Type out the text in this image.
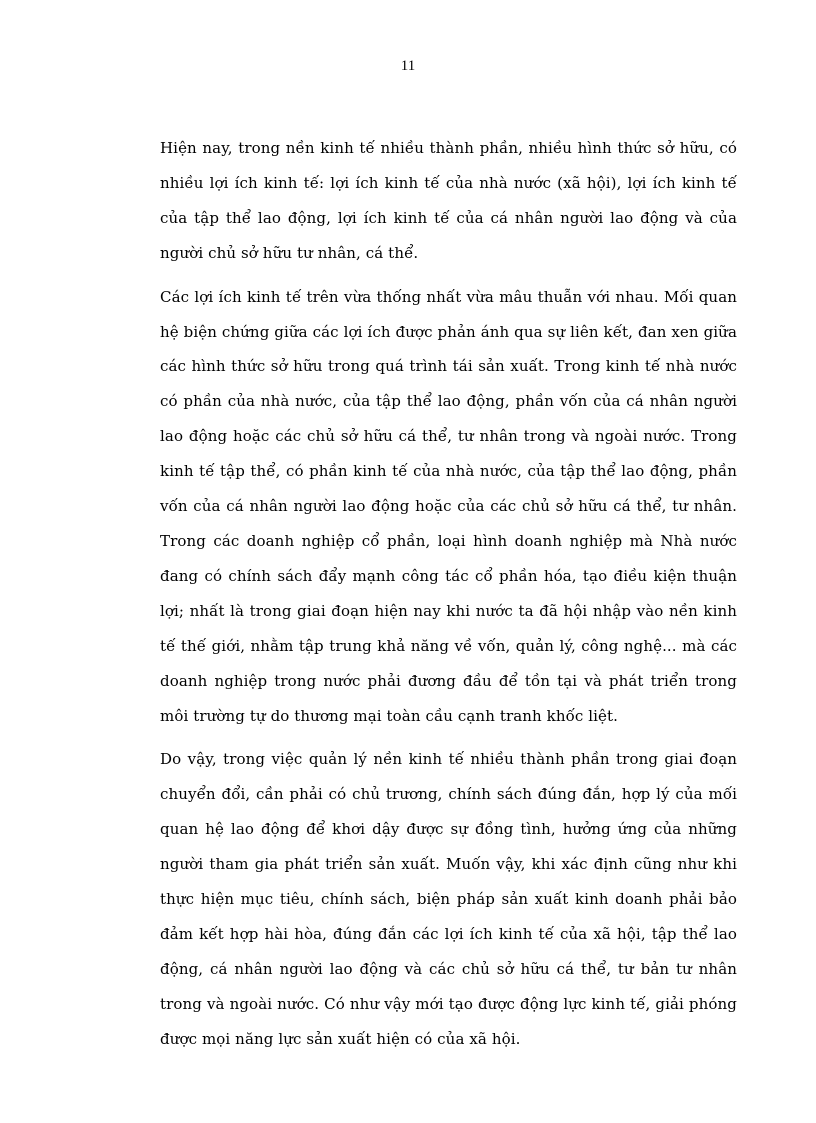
11

Hiện nay, trong nền kinh tế nhiều thành phần, nhiều hình thức sở hữu, có nhiều lợi ích kinh tế: lợi ích kinh tế của nhà nước (xã hội), lợi ích kinh tế của tập thể lao động, lợi ích kinh tế của cá nhân người lao động và của người chủ sở hữu tư nhân, cá thể.

Các lợi ích kinh tế trên vừa thống nhất vừa mâu thuẫn với nhau. Mối quan hệ biện chứng giữa các lợi ích được phản ánh qua sự liên kết, đan xen giữa các hình thức sở hữu trong quá trình tái sản xuất. Trong kinh tế nhà nước có phần của nhà nước, của tập thể lao động, phần vốn của cá nhân người lao động hoặc các chủ sở hữu cá thể, tư nhân trong và ngoài nước. Trong kinh tế tập thể, có phần kinh tế của nhà nước, của tập thể lao động, phần vốn của cá nhân người lao động hoặc của các chủ sở hữu cá thể, tư nhân. Trong các doanh nghiệp cổ phần, loại hình doanh nghiệp mà Nhà nước đang có chính sách đẩy mạnh công tác cổ phần hóa, tạo điều kiện thuận lợi; nhất là trong giai đoạn hiện nay khi nước ta đã hội nhập vào nền kinh tế thế giới, nhằm tập trung khả năng về vốn, quản lý, công nghệ... mà các doanh nghiệp trong nước phải đương đầu để tồn tại và phát triển trong môi trường tự do thương mại toàn cầu cạnh tranh khốc liệt.

Do vậy, trong việc quản lý nền kinh tế nhiều thành phần trong giai đoạn chuyển đổi, cần phải có chủ trương, chính sách đúng đắn, hợp lý của mối quan hệ lao động để khơi dậy được sự đồng tình, hưởng ứng của những người tham gia phát triển sản xuất. Muốn vậy, khi xác định cũng như khi thực hiện mục tiêu, chính sách, biện pháp sản xuất kinh doanh phải bảo đảm kết hợp hài hòa, đúng đắn các lợi ích kinh tế của xã hội, tập thể lao động, cá nhân người lao động và các chủ sở hữu cá thể, tư bản tư nhân trong và ngoài nước. Có như vậy mới tạo được động lực kinh tế, giải phóng được mọi năng lực sản xuất hiện có của xã hội.
